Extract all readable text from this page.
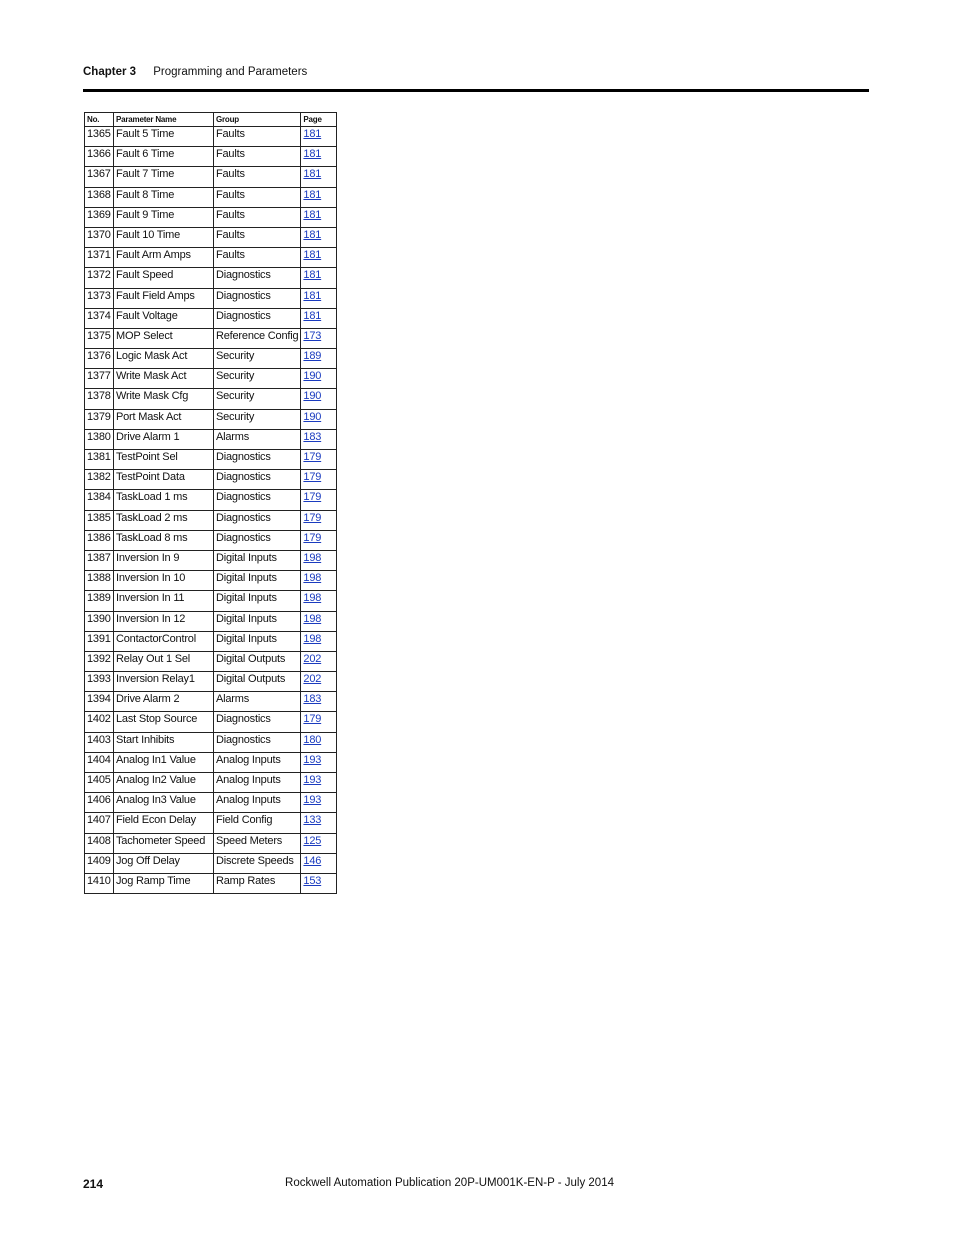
Chapter 3 Programming and Parameters
No.	Parameter Name	Group	Page
1365	Fault 5 Time	Faults	181
1366	Fault 6 Time	Faults	181
1367	Fault 7 Time	Faults	181
1368	Fault 8 Time	Faults	181
1369	Fault 9 Time	Faults	181
1370	Fault 10 Time	Faults	181
1371	Fault Arm Amps	Faults	181
1372	Fault Speed	Diagnostics	181
1373	Fault Field Amps	Diagnostics	181
1374	Fault Voltage	Diagnostics	181
1375	MOP Select	Reference Config	173
1376	Logic Mask Act	Security	189
1377	Write Mask Act	Security	190
1378	Write Mask Cfg	Security	190
1379	Port Mask Act	Security	190
1380	Drive Alarm 1	Alarms	183
1381	TestPoint Sel	Diagnostics	179
1382	TestPoint Data	Diagnostics	179
1384	TaskLoad 1 ms	Diagnostics	179
1385	TaskLoad 2 ms	Diagnostics	179
1386	TaskLoad 8 ms	Diagnostics	179
1387	Inversion In 9	Digital Inputs	198
1388	Inversion In 10	Digital Inputs	198
1389	Inversion In 11	Digital Inputs	198
1390	Inversion In 12	Digital Inputs	198
1391	ContactorControl	Digital Inputs	198
1392	Relay Out 1 Sel	Digital Outputs	202
1393	Inversion Relay1	Digital Outputs	202
1394	Drive Alarm 2	Alarms	183
1402	Last Stop Source	Diagnostics	179
1403	Start Inhibits	Diagnostics	180
1404	Analog In1 Value	Analog Inputs	193
1405	Analog In2 Value	Analog Inputs	193
1406	Analog In3 Value	Analog Inputs	193
1407	Field Econ Delay	Field Config	133
1408	Tachometer Speed	Speed Meters	125
1409	Jog Off Delay	Discrete Speeds	146
1410	Jog Ramp Time	Ramp Rates	153
214	Rockwell Automation Publication 20P-UM001K-EN-P - July 2014
